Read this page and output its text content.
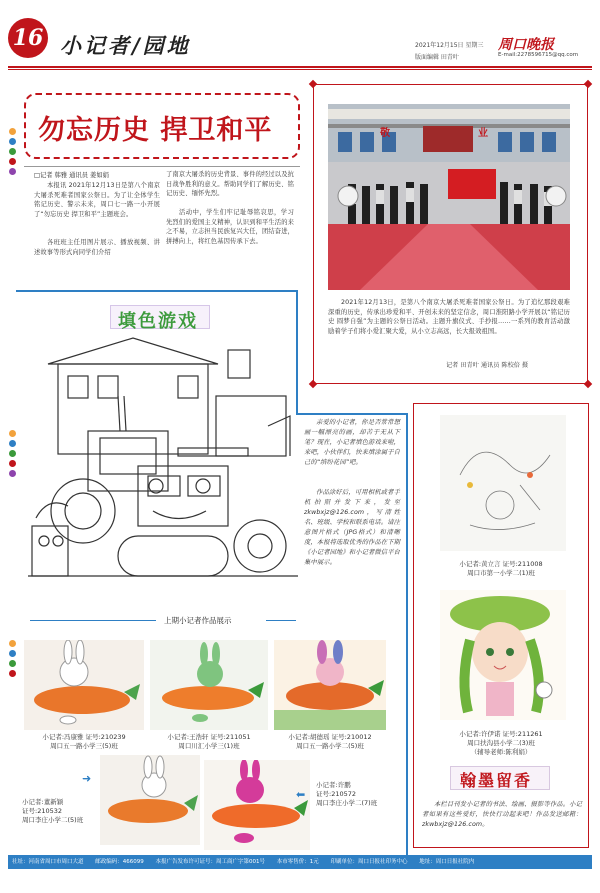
16 小记者/园地	2021年12月15日 星期三
版面编辑 田青叶
周口晚报
E-mail:2278596715@qq.com
勿忘历史 捍卫和平
□记者 韩雅 通讯员 姜如娟
本报讯 2021年12月13日是第八个南京大屠杀死难者国家公祭日。为了让全体学生铭记历史、警示未来，周口七一路一小开展了“勿忘历史 捍卫和平”主题班会。
各班班主任用图片展示、播放视频、讲述故事等形式向同学们介绍
了南京大屠杀的历史背景、事件的经过以及抗日战争胜利的意义。帮助同学们了解历史、铭记历史、缅怀先烈。
活动中，学生们牢记耻辱铭哀思，学习先烈们的爱国主义精神，认识到和平生活的来之不易，立志担当民族复兴大任，团结奋进，拼搏向上，将红色基因传承下去。
敬	业
2021年12月13日，是第八个南京大屠杀死难者国家公祭日。为了追忆那段艰难深重的历史，传承出珍爱和平、开创未来的坚定信念，周口淮阳路小学开展以“铭记历史 圆梦自强”为主题的公祭日活动。主题升旗仪式、手抄报……一系列的教育活动激励着学子们将小爱汇聚大爱，从小立志高远，长大报效祖国。
记者 田青叶 通讯员 陈校倍 摄
填色游戏
亲爱的小记者，你是否常常想画一幅漂亮的画，却苦于无从下笔？现在，小记者填色游戏来啦，来吧，小伙伴们，快来填涂属于自己的“缤纷花园”吧。
作品涂好后，可用相机或者手机拍照并发下来，发至zkwbxjz@126.com，写清姓名、班级、学校和联系电话。请注意图片格式（JPG格式）和清晰度，本报将选取优秀的作品在下期《小记者园地》和小记者微信平台集中展示。
上期小记者作品展示
小记者:冯康雅 证号:210239
周口五一路小学三(5)班
小记者:王浩轩 证号:211051
周口川汇小学三(1)班
小记者:胡德瑶 证号:210012
周口五一路小学二(5)班
小记者:董新颖
证号:210532
周口李庄小学二(5)班
➜
⬅
小记者:许鹏
证号:210572
周口李庄小学二(7)班
小记者:黄立言 证号:211008
周口市第一小学二(1)班
小记者:许伊诺 证号:211261
周口扶沟县小学二(3)班
（辅导老师:陈利娟）
翰墨留香
本栏目刊发小记者的书法、绘画、摄影等作品。小记者如果有这些爱好，快快行动起来吧！作品发送邮箱：zkwbxjz@126.com。
社址：河南省周口市周口大道 邮政编码：466099 本报广告发布许可证号：周工商广字第001号 本市零售价：1元 印刷单位：周口日报社印务中心 地址：周口日报社院内
